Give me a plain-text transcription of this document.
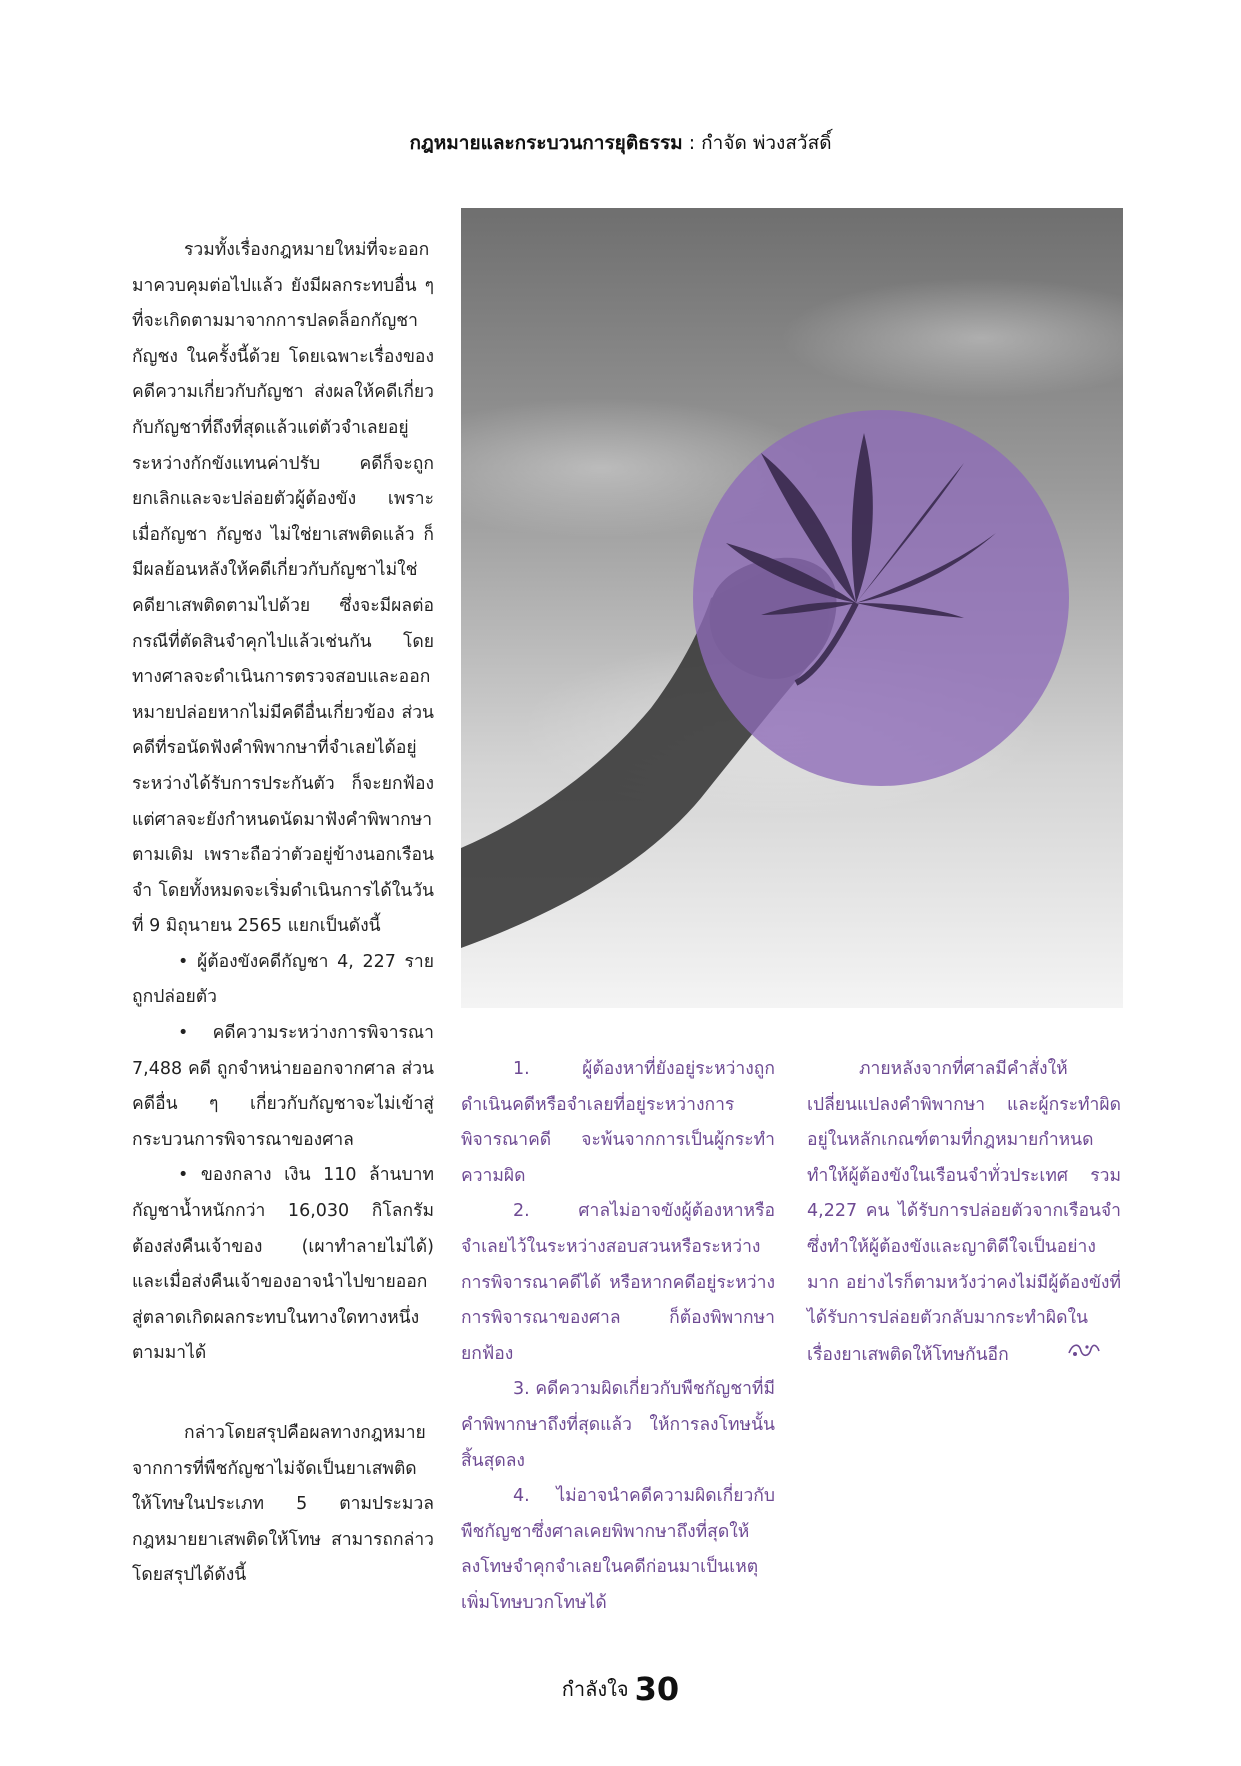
กฎหมายและกระบวนการยุติธรรม : กำจัด พ่วงสวัสดิ์

รวมทั้งเรื่องกฎหมายใหม่ที่จะออกมาควบคุมต่อไปแล้ว ยังมีผลกระทบอื่น ๆ ที่จะเกิดตามมาจากการปลดล็อกกัญชา กัญชง ในครั้งนี้ด้วย โดยเฉพาะเรื่องของคดีความเกี่ยวกับกัญชา ส่งผลให้คดีเกี่ยวกับกัญชาที่ถึงที่สุดแล้วแต่ตัวจำเลยอยู่ระหว่างกักขังแทนค่าปรับ คดีก็จะถูกยกเลิกและจะปล่อยตัวผู้ต้องขัง เพราะเมื่อกัญชา กัญชง ไม่ใช่ยาเสพติดแล้ว ก็มีผลย้อนหลังให้คดีเกี่ยวกับกัญชาไม่ใช่คดียาเสพติดตามไปด้วย ซึ่งจะมีผลต่อกรณีที่ตัดสินจำคุกไปแล้วเช่นกัน โดยทางศาลจะดำเนินการตรวจสอบและออกหมายปล่อยหากไม่มีคดีอื่นเกี่ยวข้อง ส่วนคดีที่รอนัดฟังคำพิพากษาที่จำเลยได้อยู่ระหว่างได้รับการประกันตัว ก็จะยกฟ้อง แต่ศาลจะยังกำหนดนัดมาฟังคำพิพากษาตามเดิม เพราะถือว่าตัวอยู่ข้างนอกเรือนจำ โดยทั้งหมดจะเริ่มดำเนินการได้ในวันที่ 9 มิถุนายน 2565 แยกเป็นดังนี้

• ผู้ต้องขังคดีกัญชา 4, 227 ราย ถูกปล่อยตัว

• คดีความระหว่างการพิจารณา 7,488 คดี ถูกจำหน่ายออกจากศาล ส่วนคดีอื่น ๆ เกี่ยวกับกัญชาจะไม่เข้าสู่กระบวนการพิจารณาของศาล

• ของกลาง เงิน 110 ล้านบาท กัญชาน้ำหนักกว่า 16,030 กิโลกรัม ต้องส่งคืนเจ้าของ (เผาทำลายไม่ได้) และเมื่อส่งคืนเจ้าของอาจนำไปขายออกสู่ตลาดเกิดผลกระทบในทางใดทางหนึ่งตามมาได้

กล่าวโดยสรุปคือผลทางกฎหมายจากการที่พืชกัญชาไม่จัดเป็นยาเสพติดให้โทษในประเภท 5 ตามประมวลกฎหมายยาเสพติดให้โทษ สามารถกล่าวโดยสรุปได้ดังนี้

1. ผู้ต้องหาที่ยังอยู่ระหว่างถูกดำเนินคดีหรือจำเลยที่อยู่ระหว่างการพิจารณาคดี จะพ้นจากการเป็นผู้กระทำความผิด

2. ศาลไม่อาจขังผู้ต้องหาหรือจำเลยไว้ในระหว่างสอบสวนหรือระหว่างการพิจารณาคดีได้ หรือหากคดีอยู่ระหว่างการพิจารณาของศาล ก็ต้องพิพากษายกฟ้อง

3. คดีความผิดเกี่ยวกับพืชกัญชาที่มีคำพิพากษาถึงที่สุดแล้ว ให้การลงโทษนั้นสิ้นสุดลง

4. ไม่อาจนำคดีความผิดเกี่ยวกับพืชกัญชาซึ่งศาลเคยพิพากษาถึงที่สุดให้ลงโทษจำคุกจำเลยในคดีก่อนมาเป็นเหตุเพิ่มโทษบวกโทษได้

ภายหลังจากที่ศาลมีคำสั่งให้เปลี่ยนแปลงคำพิพากษา และผู้กระทำผิดอยู่ในหลักเกณฑ์ตามที่กฎหมายกำหนด ทำให้ผู้ต้องขังในเรือนจำทั่วประเทศ รวม 4,227 คน ได้รับการปล่อยตัวจากเรือนจำ ซึ่งทำให้ผู้ต้องขังและญาติดีใจเป็นอย่างมาก อย่างไรก็ตามหวังว่าคงไม่มีผู้ต้องขังที่ได้รับการปล่อยตัวกลับมากระทำผิดในเรื่องยาเสพติดให้โทษกันอีก

กำลังใจ 30
